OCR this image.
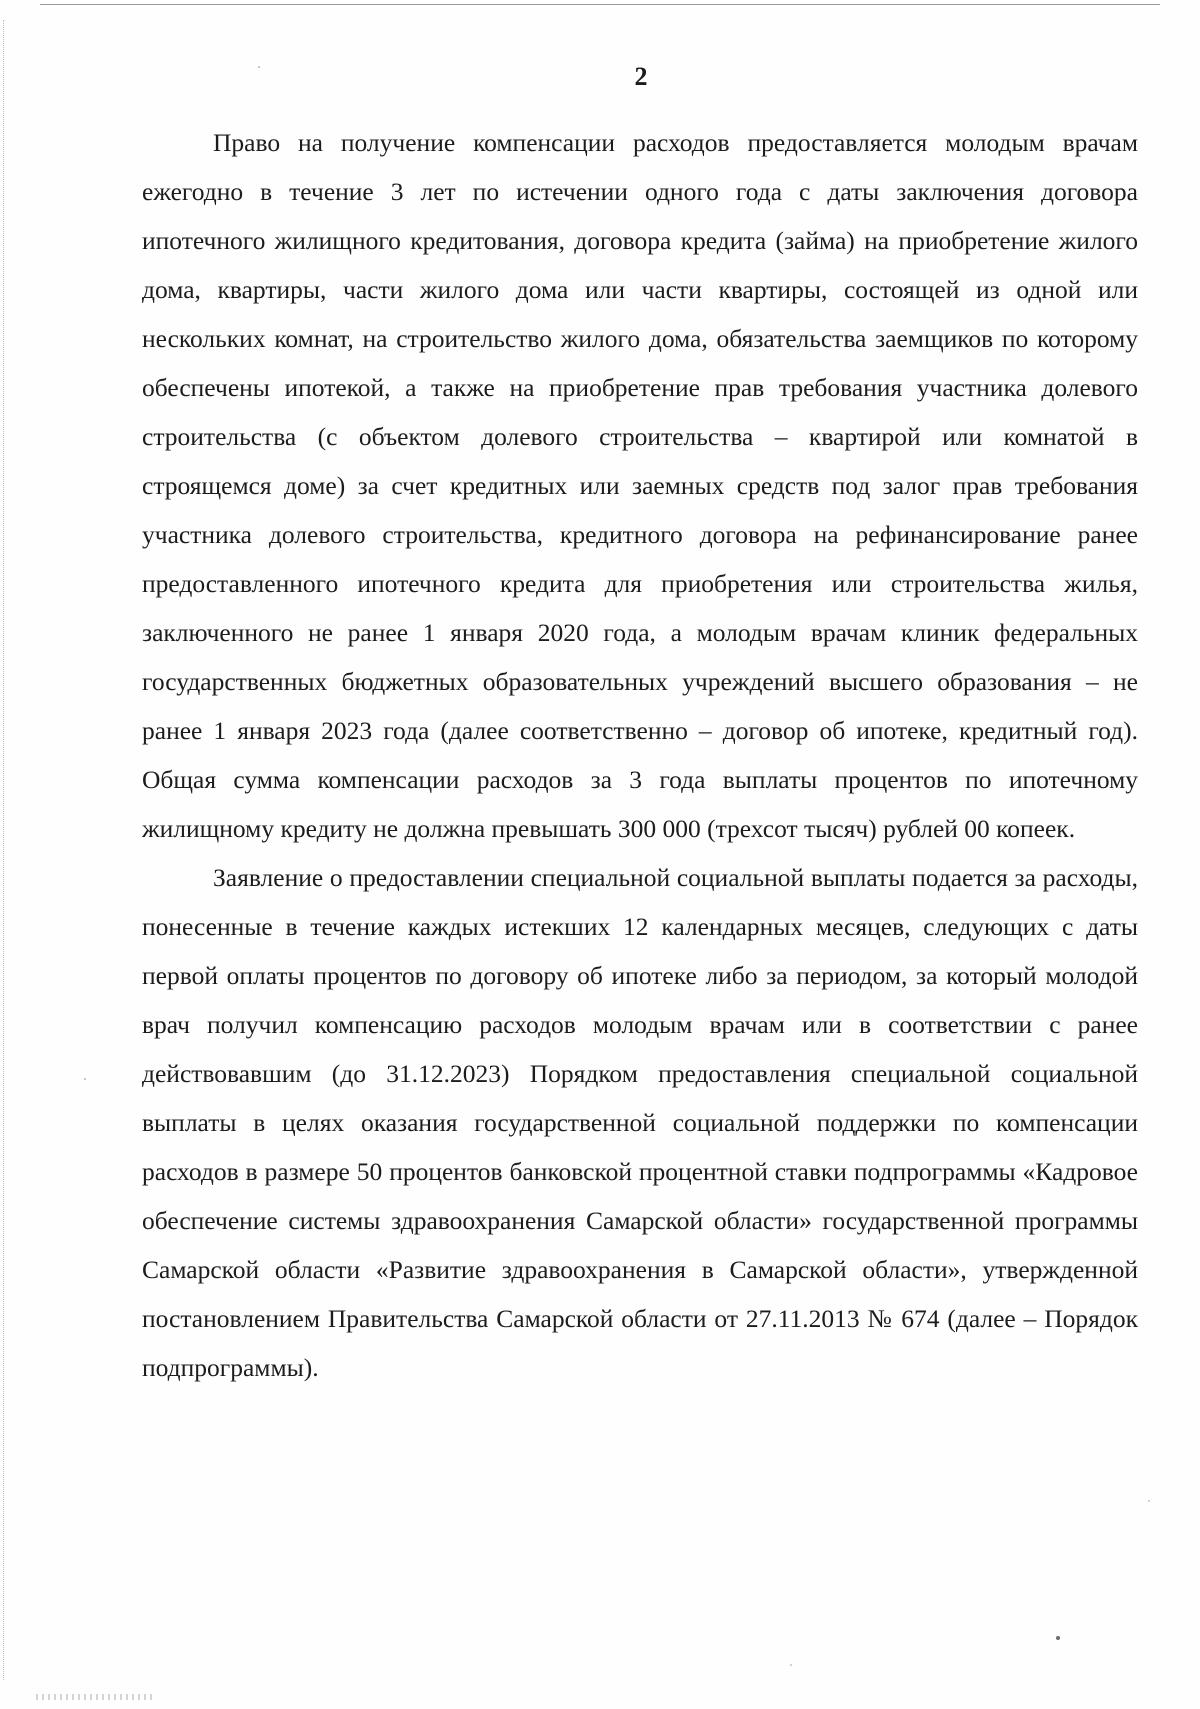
2

Право на получение компенсации расходов предоставляется молодым врачам ежегодно в течение 3 лет по истечении одного года с даты заключения договора ипотечного жилищного кредитования, договора кредита (займа) на приобретение жилого дома, квартиры, части жилого дома или части квартиры, состоящей из одной или нескольких комнат, на строительство жилого дома, обязательства заемщиков по которому обеспечены ипотекой, а также на приобретение прав требования участника долевого строительства (с объектом долевого строительства – квартирой или комнатой в строящемся доме) за счет кредитных или заемных средств под залог прав требования участника долевого строительства, кредитного договора на рефинансирование ранее предоставленного ипотечного кредита для приобретения или строительства жилья, заключенного не ранее 1 января 2020 года, а молодым врачам клиник федеральных государственных бюджетных образовательных учреждений высшего образования – не ранее 1 января 2023 года (далее соответственно – договор об ипотеке, кредитный год). Общая сумма компенсации расходов за 3 года выплаты процентов по ипотечному жилищному кредиту не должна превышать 300 000 (трехсот тысяч) рублей 00 копеек.

Заявление о предоставлении специальной социальной выплаты подается за расходы, понесенные в течение каждых истекших 12 календарных месяцев, следующих с даты первой оплаты процентов по договору об ипотеке либо за периодом, за который молодой врач получил компенсацию расходов молодым врачам или в соответствии с ранее действовавшим (до 31.12.2023) Порядком предоставления специальной социальной выплаты в целях оказания государственной социальной поддержки по компенсации расходов в размере 50 процентов банковской процентной ставки подпрограммы «Кадровое обеспечение системы здравоохранения Самарской области» государственной программы Самарской области «Развитие здравоохранения в Самарской области», утвержденной постановлением Правительства Самарской области от 27.11.2013 № 674 (далее – Порядок подпрограммы).
